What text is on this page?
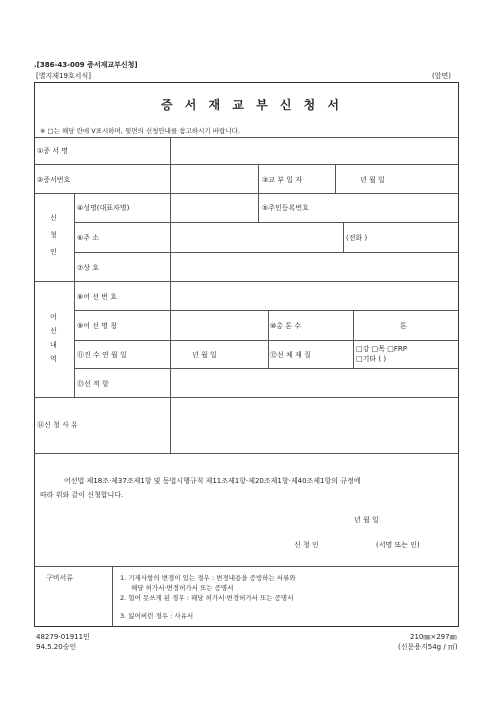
.[386-43-009 증서재교부신청]
[별지제19호서식]	(앞면)
증 서 재 교 부 신 청 서
※ □는 해당 란에 V표시하며, 뒷면의 신청안내를 참고하시기 바랍니다.
①증 서 명
②증서번호	③교 부 일 자	년 월 일
신
청
인
④성명(대표자명)	⑤주민등록번호
⑥주 소	(전화 )
⑦상 호
어
선
내
역
⑧어 선 번 호
⑨어 선 명 칭	⑩총 톤 수	톤
⑪진 수 연 월 일	년 월 일	⑫선 체 재 질
□강 □목 □FRP
□기타 ( )
⑬선 적 항
⑭신 청 사 유
어선법 제18조·제37조제1항 및 동법시행규칙 제11조제1항·제20조제1항·제40조제1항의 규정에
따라 위와 같이 신청합니다.
년 월 일
신 청 인	(서명 또는 인)
구비서류	1. 기재사항의 변경이 있는 경우 : 변경내용을 증빙하는 서류와
해당 허가서·변경허가서 또는 증명서
2. 헐어 못쓰게 된 경우 : 해당 허가서·변경허가서 또는 증명서
3. 잃어버린 경우 : 사유서
48279-01911민
94.5.20승인
210㎜×297㎜
(신문용지54g / ㎡)
